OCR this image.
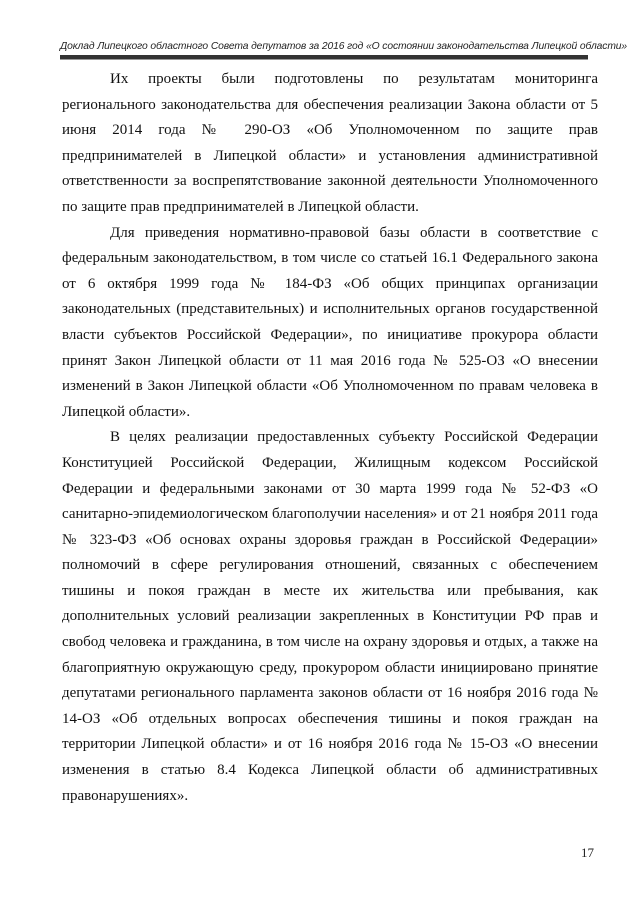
Доклад Липецкого областного Совета депутатов за 2016 год «О состоянии законодательства Липецкой области»

Их проекты были подготовлены по результатам мониторинга регионального законодательства для обеспечения реализации Закона области от 5 июня 2014 года № 290-ОЗ «Об Уполномоченном по защите прав предпринимателей в Липецкой области» и установления административной ответственности за воспрепятствование законной деятельности Уполномоченного по защите прав предпринимателей в Липецкой области.

Для приведения нормативно-правовой базы области в соответствие с федеральным законодательством, в том числе со статьей 16.1 Федерального закона от 6 октября 1999 года № 184-ФЗ «Об общих принципах организации законодательных (представительных) и исполнительных органов государственной власти субъектов Российской Федерации», по инициативе прокурора области принят Закон Липецкой области от 11 мая 2016 года № 525-ОЗ «О внесении изменений в Закон Липецкой области «Об Уполномоченном по правам человека в Липецкой области».

В целях реализации предоставленных субъекту Российской Федерации Конституцией Российской Федерации, Жилищным кодексом Российской Федерации и федеральными законами от 30 марта 1999 года № 52-ФЗ «О санитарно-эпидемиологическом благополучии населения» и от 21 ноября 2011 года № 323-ФЗ «Об основах охраны здоровья граждан в Российской Федерации» полномочий в сфере регулирования отношений, связанных с обеспечением тишины и покоя граждан в месте их жительства или пребывания, как дополнительных условий реализации закрепленных в Конституции РФ прав и свобод человека и гражданина, в том числе на охрану здоровья и отдых, а также на благоприятную окружающую среду, прокурором области инициировано принятие депутатами регионального парламента законов области от 16 ноября 2016 года № 14-ОЗ «Об отдельных вопросах обеспечения тишины и покоя граждан на территории Липецкой области» и от 16 ноября 2016 года № 15-ОЗ «О внесении изменения в статью 8.4 Кодекса Липецкой области об административных правонарушениях».

17
